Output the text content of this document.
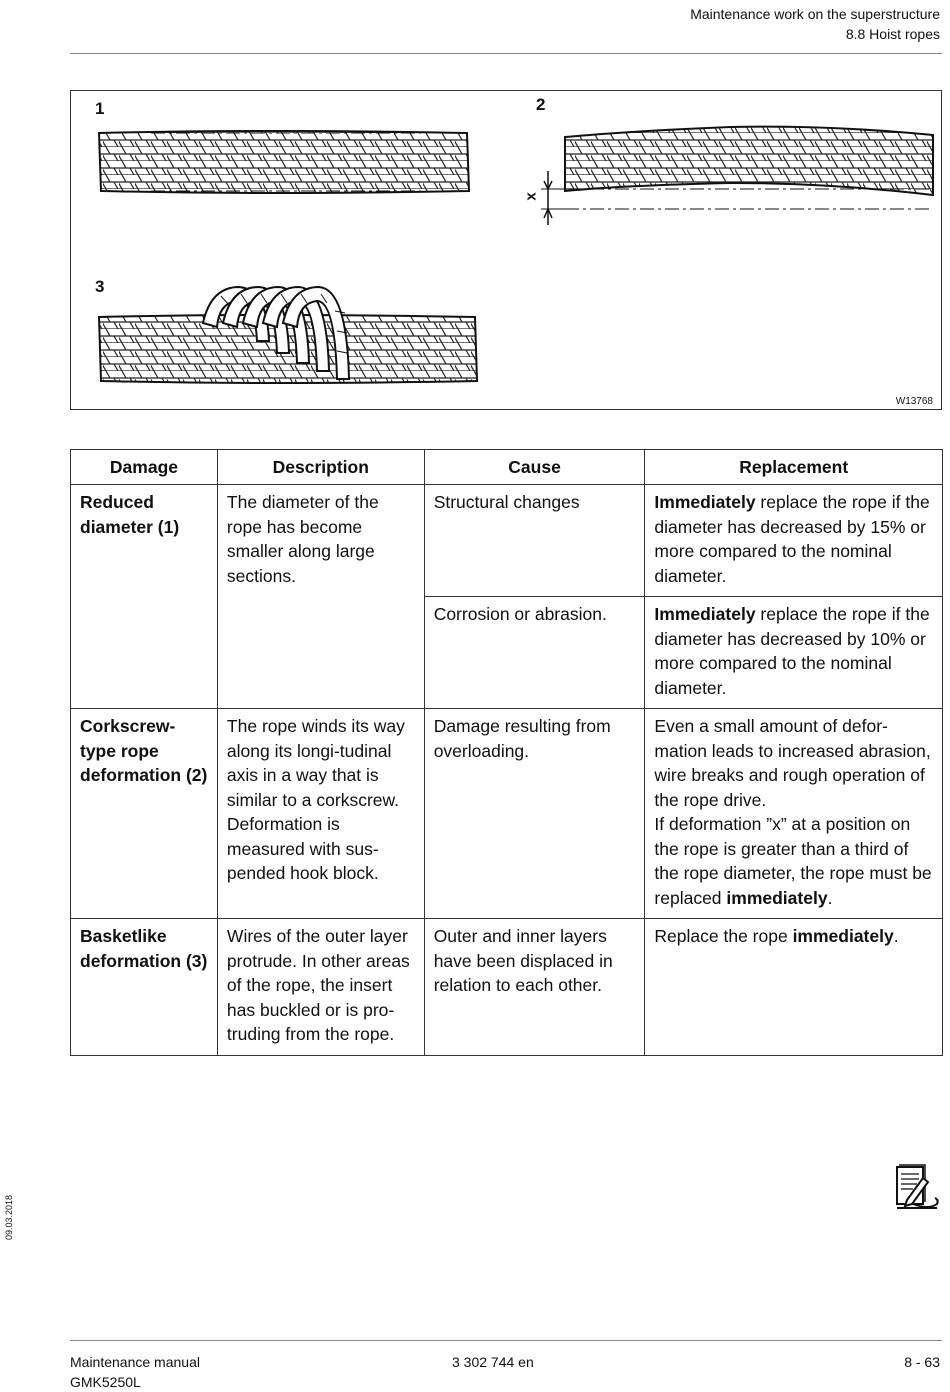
Maintenance work on the superstructure
8.8 Hoist ropes
1	2
3
x
W13768
Damage	Description	Cause	Replacement
Reduced diameter (1)	The diameter of the rope has become smaller along large sections.	Structural changes	Immediately replace the rope if the diameter has decreased by 15% or more compared to the nominal diameter.
		Corrosion or abrasion.	Immediately replace the rope if the diameter has decreased by 10% or more compared to the nominal diameter.
Corkscrew-type rope deformation (2)	The rope winds its way along its longi-tudinal axis in a way that is similar to a corkscrew. Deformation is measured with sus-pended hook block.	Damage resulting from overloading.	Even a small amount of defor-mation leads to increased abrasion, wire breaks and rough operation of the rope drive.
If deformation ”x” at a position on the rope is greater than a third of the rope diameter, the rope must be replaced immediately.

Basketlike deformation (3)	Wires of the outer layer protrude. In other areas of the rope, the insert has buckled or is pro-truding from the rope.	Outer and inner layers have been displaced in relation to each other.	Replace the rope immediately.
09.03.2018
Maintenance manual
GMK5250L
3 302 744 en	8 - 63
